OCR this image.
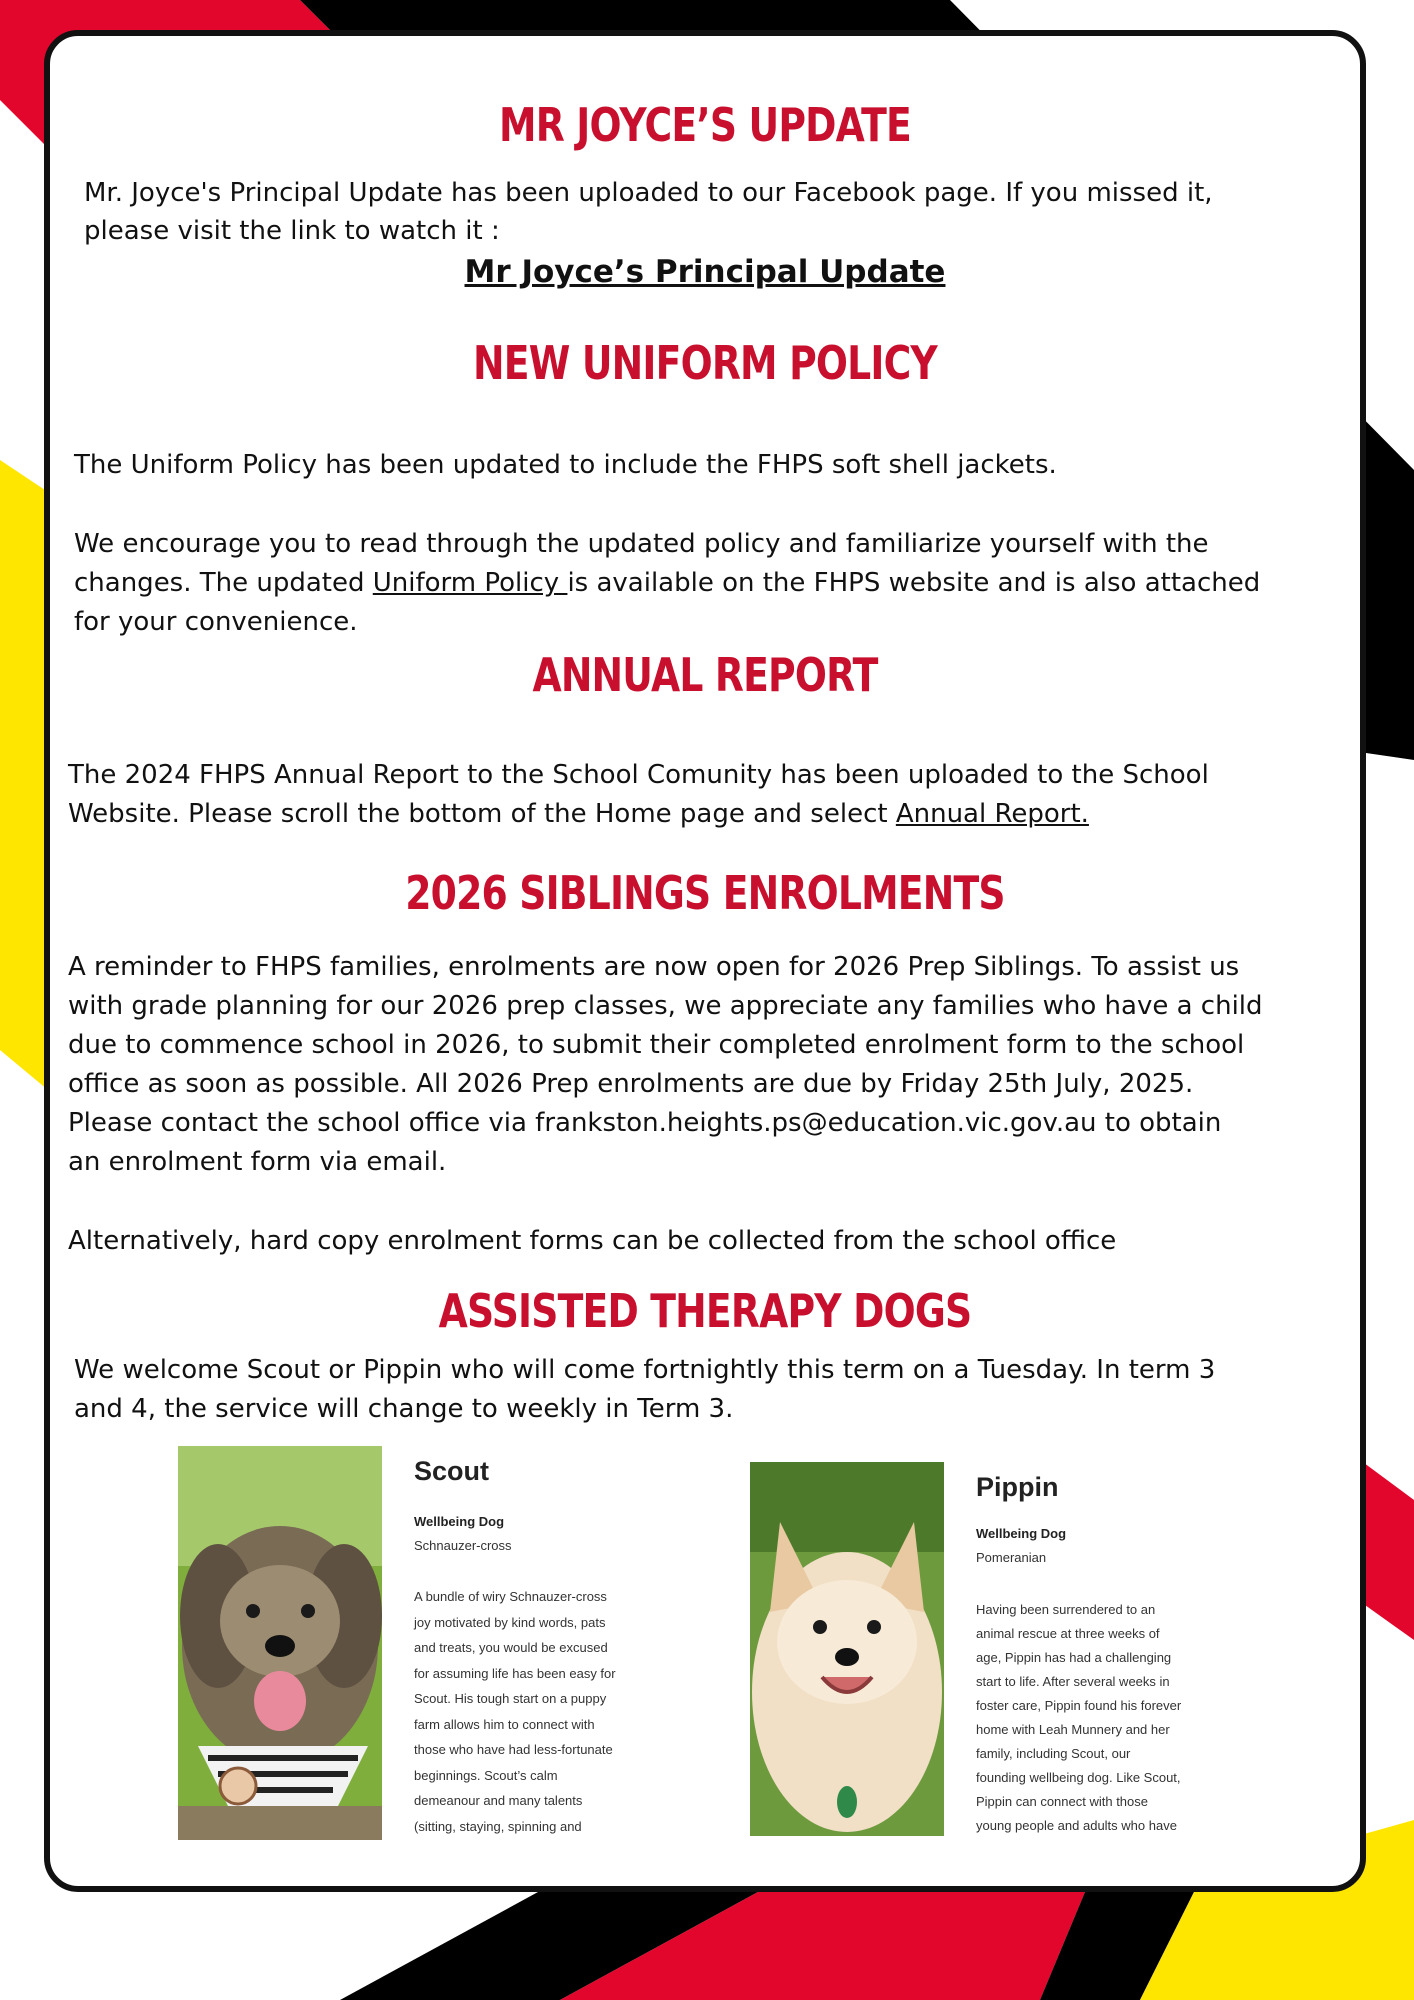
MR JOYCE’S UPDATE

Mr. Joyce's Principal Update has been uploaded to our Facebook page. If you missed it,

please visit the link to watch it :

Mr Joyce’s Principal Update

NEW UNIFORM POLICY

The Uniform Policy has been updated to include the FHPS soft shell jackets.

We encourage you to read through the updated policy and familiarize yourself with the

changes. The updated Uniform Policy is available on the FHPS website and is also attached

for your convenience.

ANNUAL REPORT

The 2024 FHPS Annual Report to the School Comunity has been uploaded to the School

Website. Please scroll the bottom of the Home page and select Annual Report.

2026 SIBLINGS ENROLMENTS

A reminder to FHPS families, enrolments are now open for 2026 Prep Siblings. To assist us

with grade planning for our 2026 prep classes, we appreciate any families who have a child

due to commence school in 2026, to submit their completed enrolment form to the school

office as soon as possible. All 2026 Prep enrolments are due by Friday 25th July, 2025.

Please contact the school office via frankston.heights.ps@education.vic.gov.au to obtain

an enrolment form via email.

Alternatively, hard copy enrolment forms can be collected from the school office

ASSISTED THERAPY DOGS

We welcome Scout or Pippin who will come fortnightly this term on a Tuesday. In term 3

and 4, the service will change to weekly in Term 3.

Scout

Wellbeing Dog

Schnauzer-cross

A bundle of wiry Schnauzer-cross
joy motivated by kind words, pats
and treats, you would be excused
for assuming life has been easy for
Scout. His tough start on a puppy
farm allows him to connect with
those who have had less-fortunate
beginnings. Scout’s calm
demeanour and many talents
(sitting, staying, spinning and

Pippin

Wellbeing Dog

Pomeranian

Having been surrendered to an
animal rescue at three weeks of
age, Pippin has had a challenging
start to life. After several weeks in
foster care, Pippin found his forever
home with Leah Munnery and her
family, including Scout, our
founding wellbeing dog. Like Scout,
Pippin can connect with those
young people and adults who have
